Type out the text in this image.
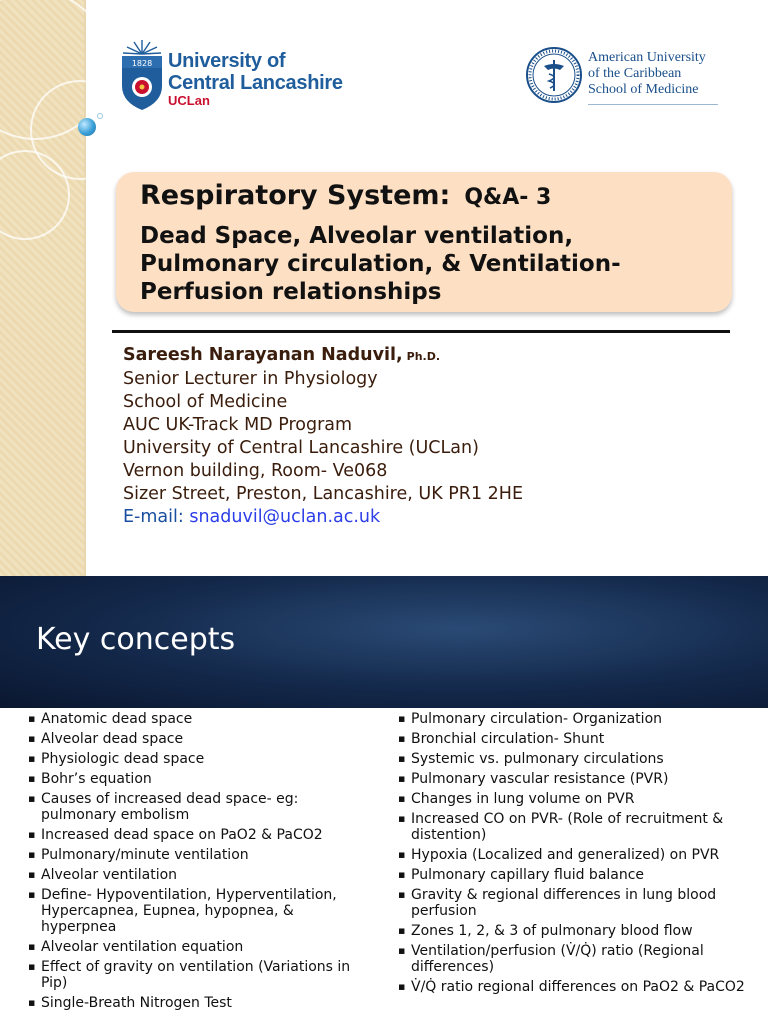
1828 University of
Central Lancashire
UCLan
American University
of the Caribbean
School of Medicine
Respiratory System: Q&A- 3
Dead Space, Alveolar ventilation, Pulmonary circulation, & Ventilation-Perfusion relationships
Sareesh Narayanan Naduvil, Ph.D.
Senior Lecturer in Physiology
School of Medicine
AUC UK-Track MD Program
University of Central Lancashire (UCLan)
Vernon building, Room- Ve068
Sizer Street, Preston, Lancashire, UK PR1 2HE
E-mail: snaduvil@uclan.ac.uk
Key concepts
▪ Anatomic dead space
▪ Alveolar dead space
▪ Physiologic dead space
▪ Bohr’s equation
▪ Causes of increased dead space- eg: pulmonary embolism
▪ Increased dead space on PaO2 & PaCO2
▪ Pulmonary/minute ventilation
▪ Alveolar ventilation
▪ Define- Hypoventilation, Hyperventilation, Hypercapnea, Eupnea, hypopnea, & hyperpnea
▪ Alveolar ventilation equation
▪ Effect of gravity on ventilation (Variations in Pip)
▪ Single-Breath Nitrogen Test
▪ Pulmonary circulation- Organization
▪ Bronchial circulation- Shunt
▪ Systemic vs. pulmonary circulations
▪ Pulmonary vascular resistance (PVR)
▪ Changes in lung volume on PVR
▪ Increased CO on PVR- (Role of recruitment & distention)
▪ Hypoxia (Localized and generalized) on PVR
▪ Pulmonary capillary fluid balance
▪ Gravity & regional differences in lung blood perfusion
▪ Zones 1, 2, & 3 of pulmonary blood flow
▪ Ventilation/perfusion (V̇/Q̇) ratio (Regional differences)
▪ V̇/Q̇ ratio regional differences on PaO2 & PaCO2
